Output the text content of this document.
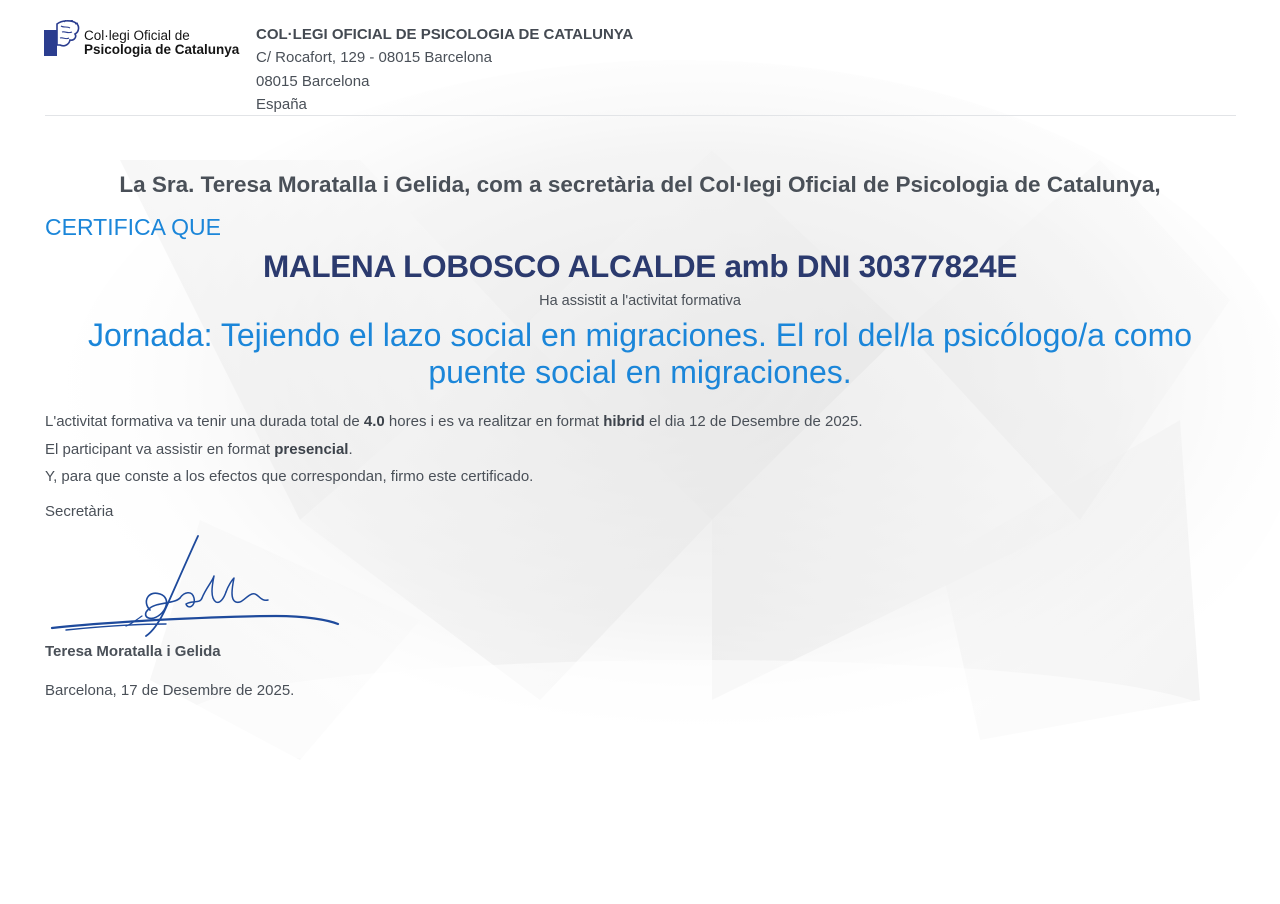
Col·legi Oficial de
Psicologia de Catalunya
COL·LEGI OFICIAL DE PSICOLOGIA DE CATALUNYA
C/ Rocafort, 129 - 08015 Barcelona
08015 Barcelona
España
La Sra. Teresa Moratalla i Gelida, com a secretària del Col·legi Oficial de Psicologia de Catalunya,
CERTIFICA QUE
MALENA LOBOSCO ALCALDE amb DNI 30377824E
Ha assistit a l'activitat formativa
Jornada: Tejiendo el lazo social en migraciones. El rol del/la psicólogo/a como puente social en migraciones.

L'activitat formativa va tenir una durada total de 4.0 hores i es va realitzar en format hibrid el dia 12 de Desembre de 2025.

El participant va assistir en format presencial.

Y, para que conste a los efectos que correspondan, firmo este certificado.

Secretària
Teresa Moratalla i Gelida
Barcelona, 17 de Desembre de 2025.
